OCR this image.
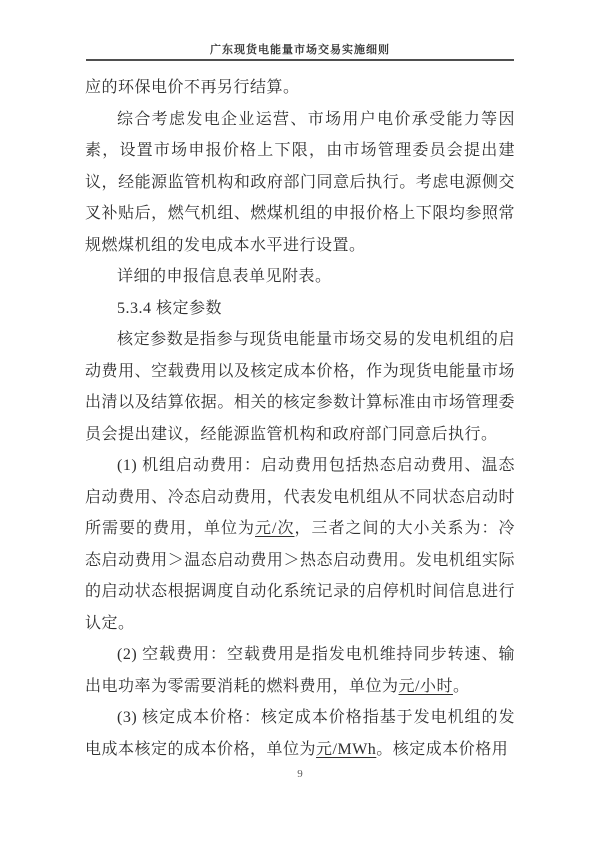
广东现货电能量市场交易实施细则

应的环保电价不再另行结算。

综合考虑发电企业运营、市场用户电价承受能力等因素，设置市场申报价格上下限，由市场管理委员会提出建议，经能源监管机构和政府部门同意后执行。考虑电源侧交叉补贴后，燃气机组、燃煤机组的申报价格上下限均参照常规燃煤机组的发电成本水平进行设置。

详细的申报信息表单见附表。

5.3.4 核定参数

核定参数是指参与现货电能量市场交易的发电机组的启动费用、空载费用以及核定成本价格，作为现货电能量市场出清以及结算依据。相关的核定参数计算标准由市场管理委员会提出建议，经能源监管机构和政府部门同意后执行。

(1) 机组启动费用：启动费用包括热态启动费用、温态启动费用、冷态启动费用，代表发电机组从不同状态启动时所需要的费用，单位为元/次，三者之间的大小关系为：冷态启动费用＞温态启动费用＞热态启动费用。发电机组实际的启动状态根据调度自动化系统记录的启停机时间信息进行认定。

(2) 空载费用：空载费用是指发电机维持同步转速、输出电功率为零需要消耗的燃料费用，单位为元/小时。

(3) 核定成本价格：核定成本价格指基于发电机组的发电成本核定的成本价格，单位为元/MWh。核定成本价格用

9
